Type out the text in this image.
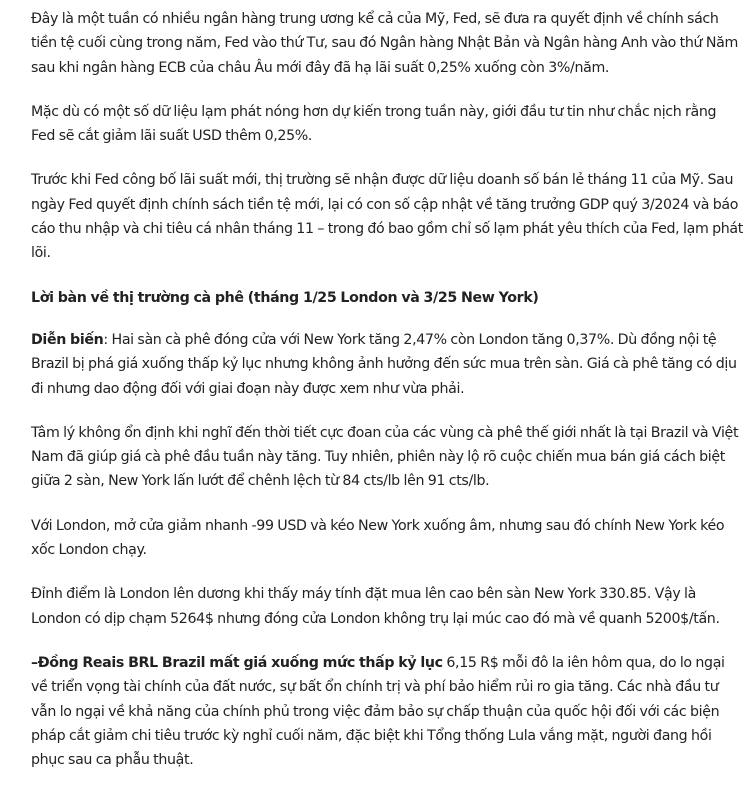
Đây là một tuần có nhiều ngân hàng trung ương kể cả của Mỹ, Fed, sẽ đưa ra quyết định về chính sách tiền tệ cuối cùng trong năm, Fed vào thứ Tư, sau đó Ngân hàng Nhật Bản và Ngân hàng Anh vào thứ Năm sau khi ngân hàng ECB của châu Âu mới đây đã hạ lãi suất 0,25% xuống còn 3%/năm.

Mặc dù có một số dữ liệu lạm phát nóng hơn dự kiến trong tuần này, giới đầu tư tin như chắc nịch rằng Fed sẽ cắt giảm lãi suất USD thêm 0,25%.

Trước khi Fed công bố lãi suất mới, thị trường sẽ nhận được dữ liệu doanh số bán lẻ tháng 11 của Mỹ. Sau ngày Fed quyết định chính sách tiền tệ mới, lại có con số cập nhật về tăng trưởng GDP quý 3/2024 và báo cáo thu nhập và chi tiêu cá nhân tháng 11 – trong đó bao gồm chỉ số lạm phát yêu thích của Fed, lạm phát lõi.

Lời bàn về thị trường cà phê (tháng 1/25 London và 3/25 New York)

Diễn biến: Hai sàn cà phê đóng cửa với New York tăng 2,47% còn London tăng 0,37%. Dù đồng nội tệ Brazil bị phá giá xuống thấp kỷ lục nhưng không ảnh hưởng đến sức mua trên sàn. Giá cà phê tăng có dịu đi nhưng dao động đối với giai đoạn này được xem như vừa phải.

Tâm lý không ổn định khi nghĩ đến thời tiết cực đoan của các vùng cà phê thế giới nhất là tại Brazil và Việt Nam đã giúp giá cà phê đầu tuần này tăng. Tuy nhiên, phiên này lộ rõ cuộc chiến mua bán giá cách biệt giữa 2 sàn, New York lấn lướt để chênh lệch từ 84 cts/lb lên 91 cts/lb.

Với London, mở cửa giảm nhanh -99 USD và kéo New York xuống âm, nhưng sau đó chính New York kéo xốc London chạy.

Đỉnh điểm là London lên dương khi thấy máy tính đặt mua lên cao bên sàn New York 330.85. Vậy là London có dịp chạm 5264$ nhưng đóng cửa London không trụ lại múc cao đó mà về quanh 5200$/tấn.

–Đồng Reais BRL Brazil mất giá xuống mức thấp kỷ lục 6,15 R$ mỗi đô la iên hôm qua, do lo ngại về triển vọng tài chính của đất nước, sự bất ổn chính trị và phí bảo hiểm rủi ro gia tăng. Các nhà đầu tư vẫn lo ngại về khả năng của chính phủ trong việc đảm bảo sự chấp thuận của quốc hội đối với các biện pháp cắt giảm chi tiêu trước kỳ nghỉ cuối năm, đặc biệt khi Tổng thống Lula vắng mặt, người đang hồi phục sau ca phẫu thuật.
